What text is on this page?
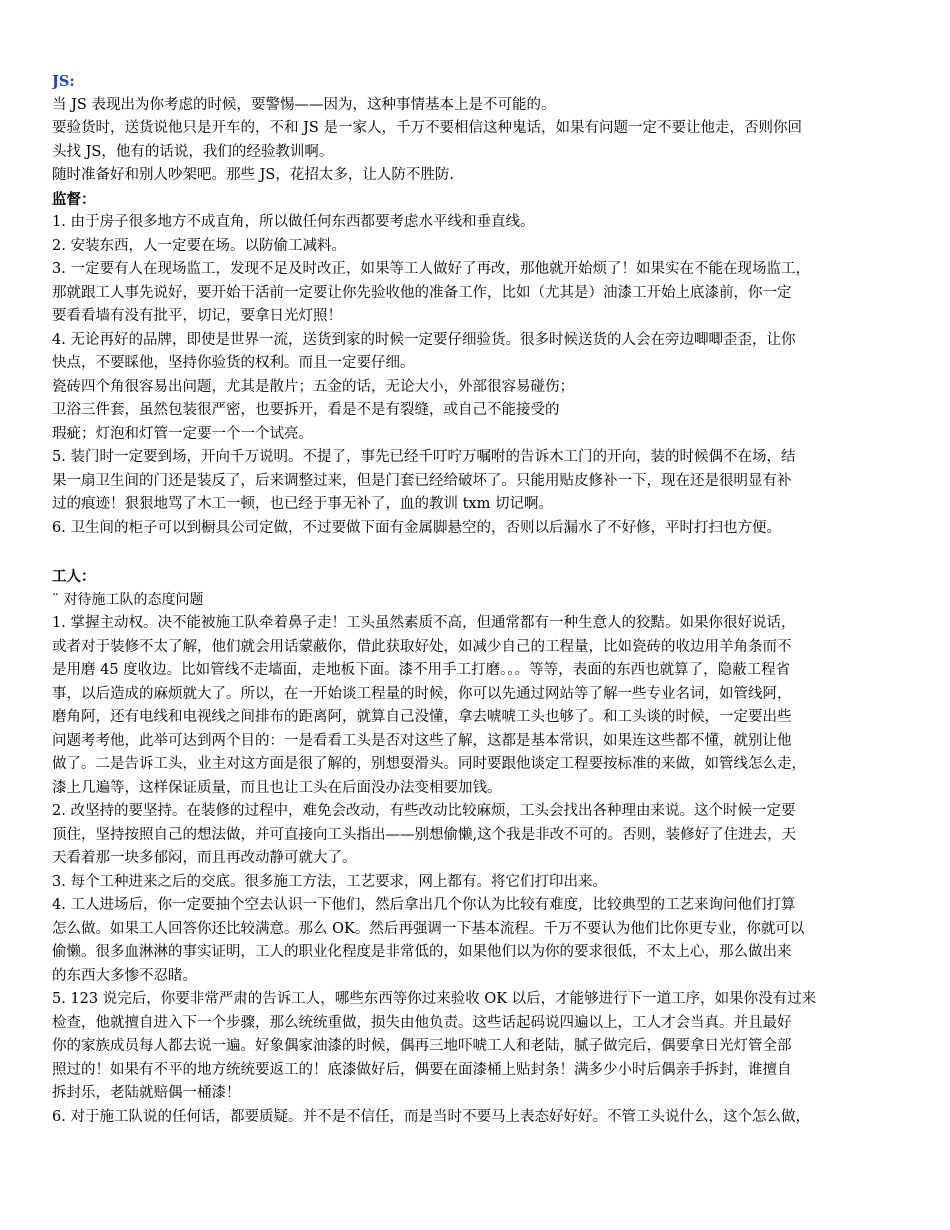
JS:
当 JS 表现出为你考虑的时候，要警惕——因为，这种事情基本上是不可能的。
要验货时，送货说他只是开车的，不和 JS 是一家人，千万不要相信这种鬼话，如果有问题一定不要让他走，否则你回
头找 JS，他有的话说，我们的经验教训啊。
随时准备好和别人吵架吧。那些 JS，花招太多，让人防不胜防.
监督：
1. 由于房子很多地方不成直角，所以做任何东西都要考虑水平线和垂直线。
2. 安装东西，人一定要在场。以防偷工减料。
3. 一定要有人在现场监工，发现不足及时改正，如果等工人做好了再改，那他就开始烦了！如果实在不能在现场监工，
那就跟工人事先说好，要开始干活前一定要让你先验收他的准备工作，比如（尤其是）油漆工开始上底漆前，你一定
要看看墙有没有批平，切记，要拿日光灯照！
4. 无论再好的品牌，即使是世界一流，送货到家的时候一定要仔细验货。很多时候送货的人会在旁边唧唧歪歪，让你
快点，不要睬他，坚持你验货的权利。而且一定要仔细。
瓷砖四个角很容易出问题，尤其是散片；五金的话，无论大小，外部很容易碰伤；
卫浴三件套，虽然包装很严密，也要拆开，看是不是有裂缝，或自己不能接受的
瑕疵；灯泡和灯管一定要一个一个试亮。
5. 装门时一定要到场，开向千万说明。不提了，事先已经千叮咛万嘱咐的告诉木工门的开向，装的时候偶不在场，结
果一扇卫生间的门还是装反了，后来调整过来，但是门套已经给破坏了。只能用贴皮修补一下，现在还是很明显有补
过的痕迹！狠狠地骂了木工一顿，也已经于事无补了，血的教训 txm 切记啊。
6. 卫生间的柜子可以到橱具公司定做，不过要做下面有金属脚悬空的，否则以后漏水了不好修，平时打扫也方便。
工人：
¨ 对待施工队的态度问题
1. 掌握主动权。决不能被施工队牵着鼻子走！工头虽然素质不高，但通常都有一种生意人的狡黠。如果你很好说话，
或者对于装修不太了解，他们就会用话蒙蔽你，借此获取好处，如减少自己的工程量，比如瓷砖的收边用羊角条而不
是用磨 45 度收边。比如管线不走墙面，走地板下面。漆不用手工打磨。。。等等，表面的东西也就算了，隐蔽工程省
事，以后造成的麻烦就大了。所以，在一开始谈工程量的时候，你可以先通过网站等了解一些专业名词，如管线阿，
磨角阿，还有电线和电视线之间排布的距离阿，就算自己没懂，拿去唬唬工头也够了。和工头谈的时候，一定要出些
问题考考他，此举可达到两个目的：一是看看工头是否对这些了解，这都是基本常识，如果连这些都不懂，就别让他
做了。二是告诉工头，业主对这方面是很了解的，别想耍滑头。同时要跟他谈定工程要按标准的来做，如管线怎么走，
漆上几遍等，这样保证质量，而且也让工头在后面没办法变相要加钱。
2. 改坚持的要坚持。在装修的过程中，难免会改动，有些改动比较麻烦，工头会找出各种理由来说。这个时候一定要
顶住，坚持按照自己的想法做，并可直接向工头指出——别想偷懒,这个我是非改不可的。否则，装修好了住进去，天
天看着那一块多郁闷，而且再改动静可就大了。
3. 每个工种进来之后的交底。很多施工方法，工艺要求，网上都有。将它们打印出来。
4. 工人进场后，你一定要抽个空去认识一下他们，然后拿出几个你认为比较有难度，比较典型的工艺来询问他们打算
怎么做。如果工人回答你还比较满意。那么 OK。然后再强调一下基本流程。千万不要认为他们比你更专业，你就可以
偷懒。很多血淋淋的事实证明，工人的职业化程度是非常低的，如果他们以为你的要求很低，不太上心，那么做出来
的东西大多惨不忍睹。
5. 123 说完后，你要非常严肃的告诉工人，哪些东西等你过来验收 OK 以后，才能够进行下一道工序，如果你没有过来
检查，他就擅自进入下一个步骤，那么统统重做，损失由他负责。这些话起码说四遍以上，工人才会当真。并且最好
你的家族成员每人都去说一遍。好象偶家油漆的时候，偶再三地吓唬工人和老陆，腻子做完后，偶要拿日光灯管全部
照过的！如果有不平的地方统统要返工的！底漆做好后，偶要在面漆桶上贴封条！满多少小时后偶亲手拆封，谁擅自
拆封乐，老陆就赔偶一桶漆！
6. 对于施工队说的任何话，都要质疑。并不是不信任，而是当时不要马上表态好好好。不管工头说什么，这个怎么做，
